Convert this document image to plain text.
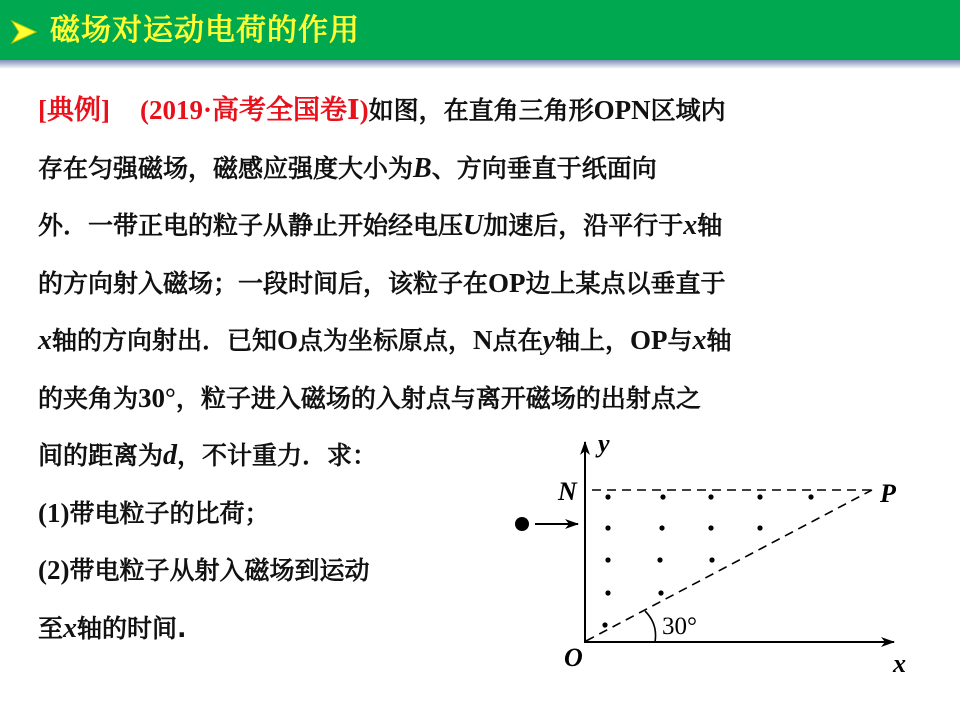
磁场对运动电荷的作用
[典例] (2019·高考全国卷Ⅰ)如图，在直角三角形OPN区域内
存在匀强磁场，磁感应强度大小为B、方向垂直于纸面向
外．一带正电的粒子从静止开始经电压U加速后，沿平行于x轴
的方向射入磁场；一段时间后，该粒子在OP边上某点以垂直于
x轴的方向射出．已知O点为坐标原点，N点在y轴上，OP与x轴
的夹角为30°，粒子进入磁场的入射点与离开磁场的出射点之
间的距离为d，不计重力．求：
(1)带电粒子的比荷；
(2)带电粒子从射入磁场到运动
至x轴的时间.
y
N	P
O	x
30°
